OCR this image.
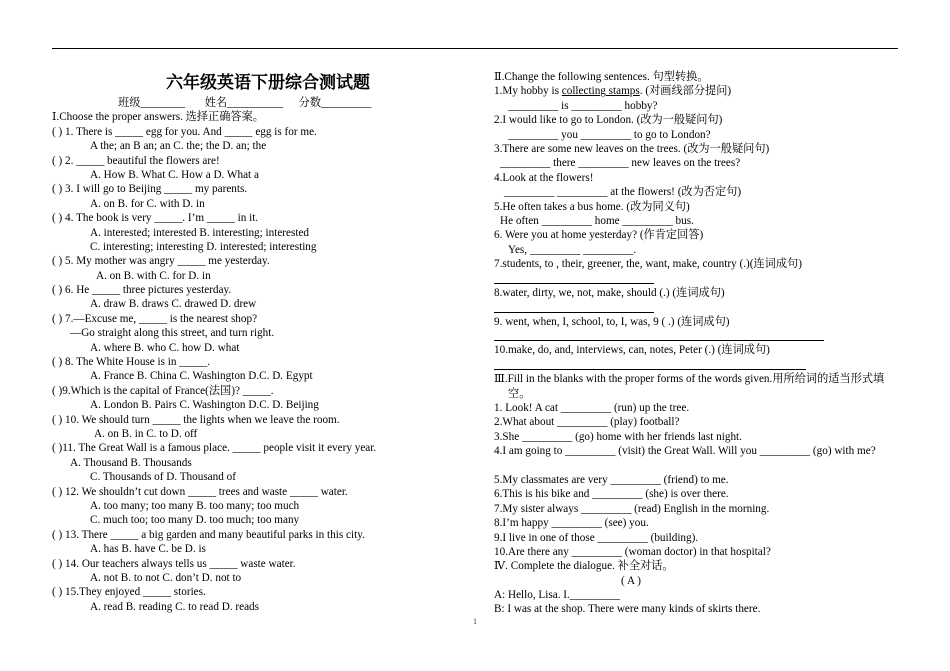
六年级英语下册综合测试题
班级________ 姓名__________ 分数_________
Ⅰ.Choose the proper answers. 选择正确答案。
( ) 1. There is _____ egg for you. And _____ egg is for me.
A the; an B an; an C. the; the D. an; the
( ) 2. _____ beautiful the flowers are!
A. How B. What C. How a D. What a
( ) 3. I will go to Beijing _____ my parents.
A. on B. for C. with D. in
( ) 4. The book is very _____. I’m _____ in it.
A. interested; interested B. interesting; interested
C. interesting; interesting D. interested; interesting
( ) 5. My mother was angry _____ me yesterday.
A. on B. with C. for D. in
( ) 6. He _____ three pictures yesterday.
A. draw B. draws C. drawed D. drew
( ) 7.—Excuse me, _____ is the nearest shop?
—Go straight along this street, and turn right.
A. where B. who C. how D. what
( ) 8. The White House is in _____.
A. France B. China C. Washington D.C. D. Egypt
( )9.Which is the capital of France(法国)? _____.
A. London B. Pairs C. Washington D.C. D. Beijing
( ) 10. We should turn _____ the lights when we leave the room.
A. on B. in C. to D. off
( )11. The Great Wall is a famous place. _____ people visit it every year.
A. Thousand B. Thousands
C. Thousands of D. Thousand of
( ) 12. We shouldn’t cut down _____ trees and waste _____ water.
A. too many; too many B. too many; too much
C. much too; too many D. too much; too many
( ) 13. There _____ a big garden and many beautiful parks in this city.
A. has B. have C. be D. is
( ) 14. Our teachers always tells us _____ waste water.
A. not B. to not C. don’t D. not to
( ) 15.They enjoyed _____ stories.
A. read B. reading C. to read D. reads
Ⅱ.Change the following sentences. 句型转换。
1.My hobby is collecting stamps. (对画线部分提问)
_________ is _________ hobby?
2.I would like to go to London. (改为一般疑问句)
_________ you _________ to go to London?
3.There are some new leaves on the trees. (改为一般疑问句)
_________ there _________ new leaves on the trees?
4.Look at the flowers!
_________ _________ at the flowers! (改为否定句)
5.He often takes a bus home. (改为同义句)
He often _________ home _________ bus.
6. Were you at home yesterday? (作肯定回答)
Yes, _________ _________.
7.students, to , their, greener, the, want, make, country (.)(连词成句)
8.water, dirty, we, not, make, should (.) (连词成句)
9. went, when, I, school, to, I, was, 9 ( .) (连词成句)
10.make, do, and, interviews, can, notes, Peter (.) (连词成句)
Ⅲ.Fill in the blanks with the proper forms of the words given.用所给词的适当形式填空。
1. Look! A cat _________ (run) up the tree.
2.What about _________ (play) football?
3.She _________ (go) home with her friends last night.
4.I am going to _________ (visit) the Great Wall. Will you _________ (go) with me?
5.My classmates are very _________ (friend) to me.
6.This is his bike and _________ (she) is over there.
7.My sister always _________ (read) English in the morning.
8.I’m happy _________ (see) you.
9.I live in one of those _________ (building).
10.Are there any _________ (woman doctor) in that hospital?
Ⅳ. Complete the dialogue. 补全对话。
( A )
A: Hello, Lisa. I._________
B: I was at the shop. There were many kinds of skirts there.
1
